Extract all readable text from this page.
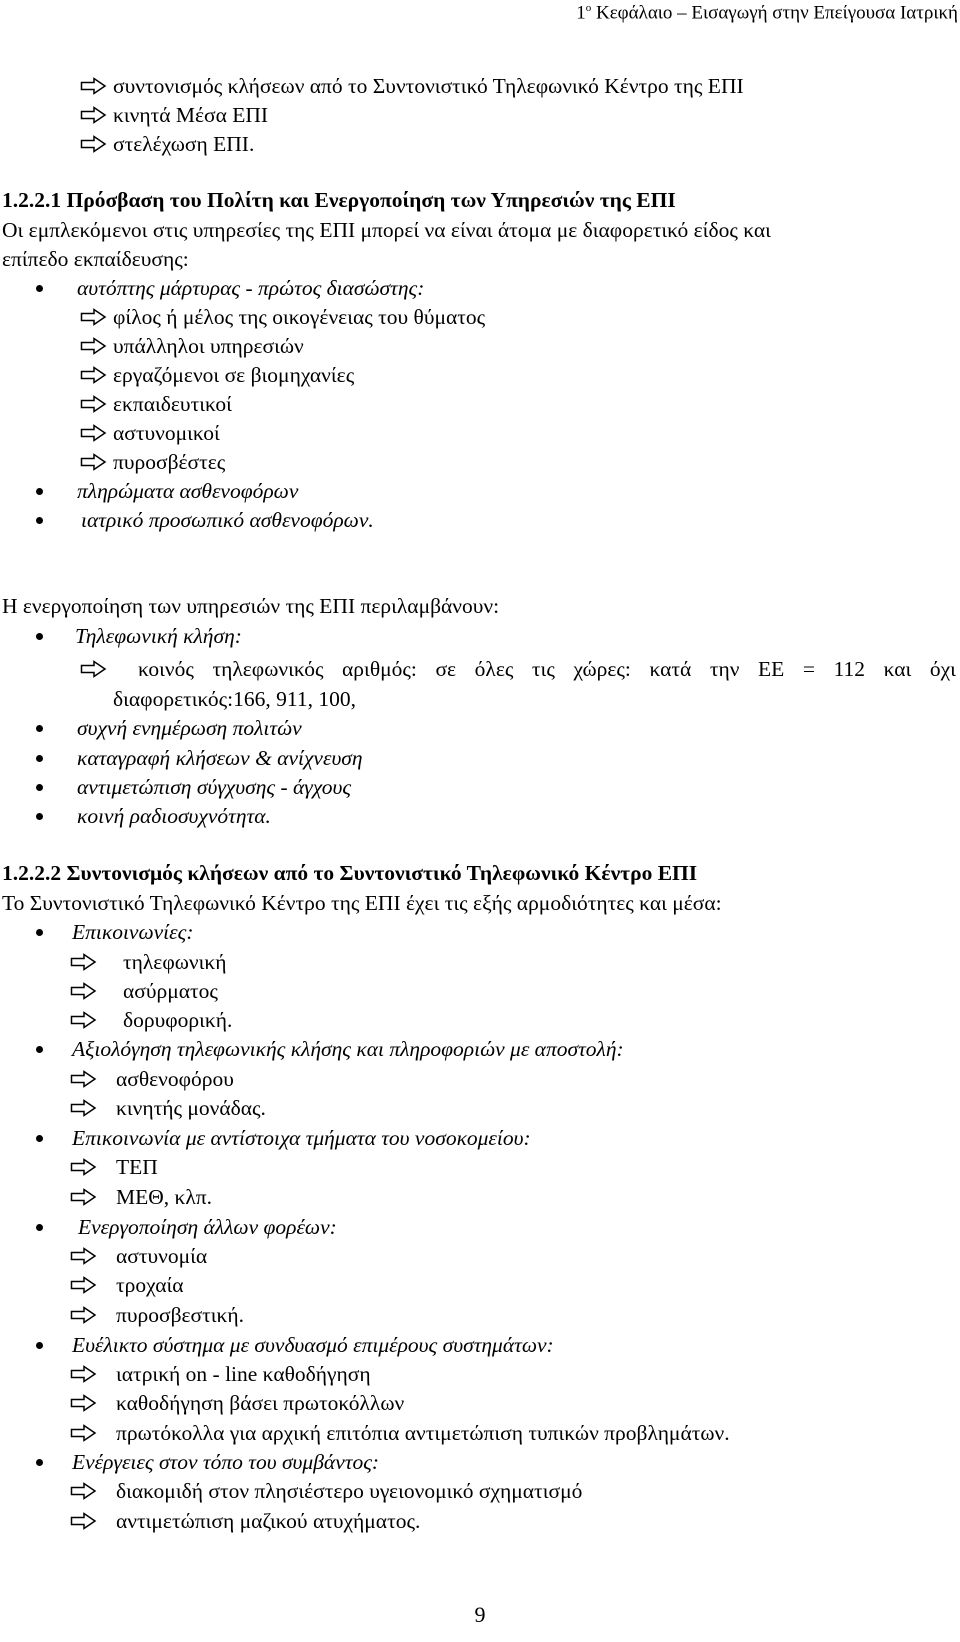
$1^o$ Κεφάλαιο – Εισαγωγή στην Επείγουσα Ιατρική
συντονισμός κλήσεων από το Συντονιστικό Τηλεφωνικό Κέντρο της ΕΠΙ
κινητά Μέσα ΕΠΙ
στελέχωση ΕΠΙ.
1.2.2.1 Πρόσβαση του Πολίτη και Ενεργοποίηση των Υπηρεσιών της ΕΠΙ
Οι εμπλεκόμενοι στις υπηρεσίες της ΕΠΙ μπορεί να είναι άτομα με διαφορετικό είδος και
επίπεδο εκπαίδευσης:
αυτόπτης μάρτυρας - πρώτος διασώστης:
φίλος ή μέλος της οικογένειας του θύματος
υπάλληλοι υπηρεσιών
εργαζόμενοι σε βιομηχανίες
εκπαιδευτικοί
αστυνομικοί
πυροσβέστες
πληρώματα ασθενοφόρων
ιατρικό προσωπικό ασθενοφόρων.
Η ενεργοποίηση των υπηρεσιών της ΕΠΙ περιλαμβάνουν:
Τηλεφωνική κλήση:
κοινός τηλεφωνικός αριθμός: σε όλες τις χώρες: κατά την ΕΕ = 112 και όχι
διαφορετικός:166, 911, 100,
συχνή ενημέρωση πολιτών
καταγραφή κλήσεων & ανίχνευση
αντιμετώπιση σύγχυσης - άγχους
κοινή ραδιοσυχνότητα.
1.2.2.2 Συντονισμός κλήσεων από το Συντονιστικό Τηλεφωνικό Κέντρο ΕΠΙ
Το Συντονιστικό Τηλεφωνικό Κέντρο της ΕΠΙ έχει τις εξής αρμοδιότητες και μέσα:
Επικοινωνίες:
τηλεφωνική
ασύρματος
δορυφορική.
Αξιολόγηση τηλεφωνικής κλήσης και πληροφοριών με αποστολή:
ασθενοφόρου
κινητής μονάδας.
Επικοινωνία με αντίστοιχα τμήματα του νοσοκομείου:
ΤΕΠ
ΜΕΘ, κλπ.
Ενεργοποίηση άλλων φορέων:
αστυνομία
τροχαία
πυροσβεστική.
Ευέλικτο σύστημα με συνδυασμό επιμέρους συστημάτων:
ιατρική on - line καθοδήγηση
καθοδήγηση βάσει πρωτοκόλλων
πρωτόκολλα για αρχική επιτόπια αντιμετώπιση τυπικών προβλημάτων.
Ενέργειες στον τόπο του συμβάντος:
διακομιδή στον πλησιέστερο υγειονομικό σχηματισμό
αντιμετώπιση μαζικού ατυχήματος.
9
